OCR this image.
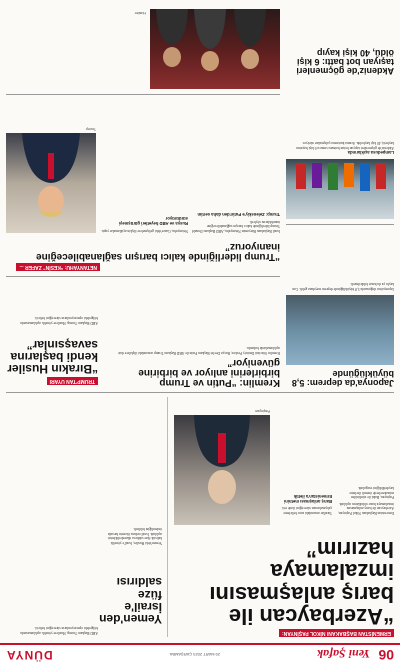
06
Yeni Şafak
29 MART 2023 ÇARŞAMBA
DÜNYA
ERMENİSTAN BAŞBAKANI NİKOL PAŞİNYAN:
“Azerbaycan ile barış anlaşmasını imzalamaya hazırım”

Ermenistan Başbakanı Nikol Paşinyan, Azerbaycan ile barış anlaşmasını imzalamaya hazır olduklarını açıkladı.

Paşinyan, Bakü ile sürdürülen müzakerelerde önemli ilerleme kaydedildiğini vurguladı.

Taraflar arasındaki sınır belirleme çalışmalarının süreceğini ifade etti.

Barış anlaşması metnini Ermenistan'a ilettik
Paşinyan
Yemen'den İsrail'e füze saldırısı
Yemen'deki Husiler, İsrail'e yönelik balistik füze saldırısı düzenlediklerini açıkladı. İsrail ordusu füzenin havada önlendiğini bildirdi.
ABD Başkanı Trump, Husilere yönelik açıklamasında bölgedeki operasyonların süreceğini belirtti.
Kremlin: “Putin ve Trump birbirlerini anlıyor ve birbirine güveniyor”
Kremlin Sözcüsü Dmitriy Peskov, Rusya Devlet Başkanı Putin ile ABD Başkanı Trump arasındaki ilişkilere dair açıklamalarda bulundu.
Japonya'da deprem: 5,8 büyüklüğünde
Japonya'nın doğusunda 5,8 büyüklüğünde deprem meydana geldi. Can kaybı ya da hasar bildirilmedi.
TRUMP'TAN UYARI
“Bırakın Husiler kendi başlarına savaşsınlar”
ABD Başkanı Trump, Husilere yönelik açıklamasında bölgedeki operasyonların süreceğini belirtti.
NETANYAHU: “KESİN” ZAFER ...
“Trump liderliğinde kalıcı barışın sağlanabileceğine inanıyoruz”

İsrail Başbakanı Binyamin Netanyahu, ABD Başkanı Donald Trump liderliğinde kalıcı barışın sağlanabileceğine inandıklarını söyledi.

Trump: Zelenskiy'e Putin'den daha sertim

Netanyahu, Gazze'deki gelişmelere ilişkin açıklamalar yaptı.

Rusya ve ABD heyetleri görüşmeyi sürdürüyor
Trump
Lampedusa açıklarında

Akdeniz'de göçmenleri taşıyan botun batması sonucu 6 kişi hayatını kaybetti, 40 kişi kayboldu. Arama kurtarma çalışmaları sürüyor.

Akdeniz'de göçmenleri taşıyan bot battı: 6 kişi öldü, 40 kişi kayıp
Husiler
